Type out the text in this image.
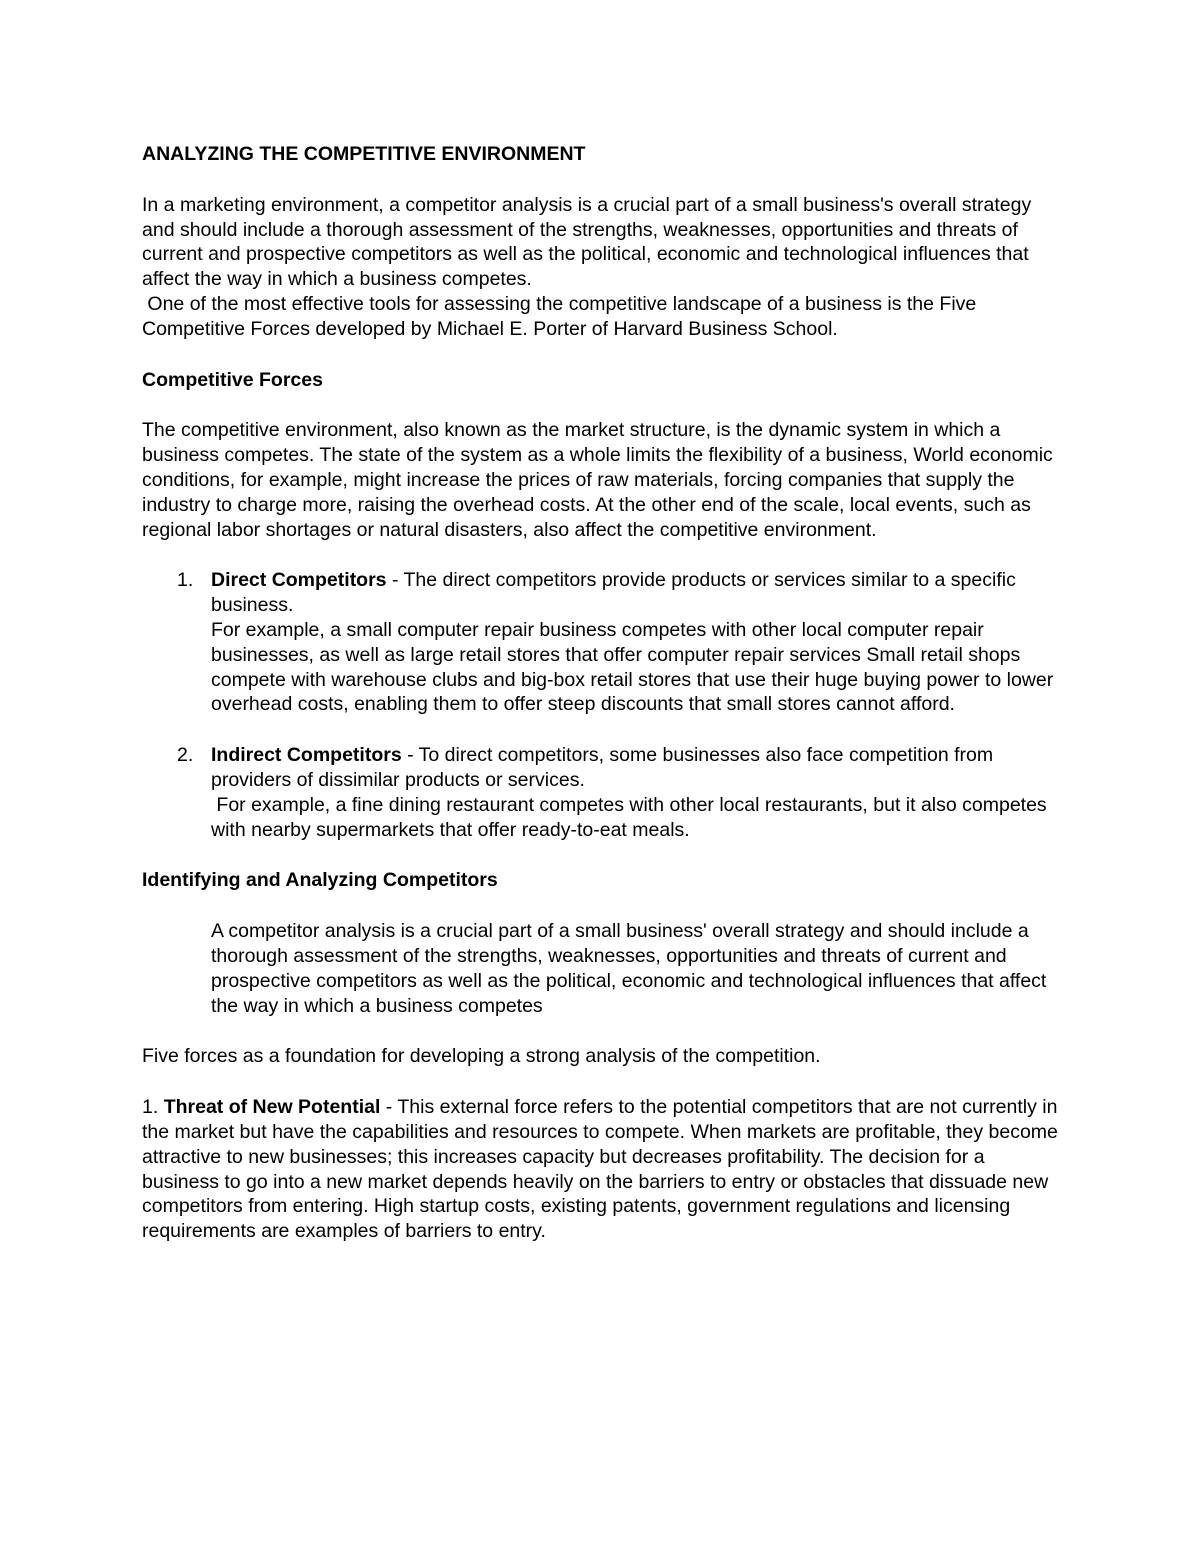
ANALYZING THE COMPETITIVE ENVIRONMENT

In a marketing environment, a competitor analysis is a crucial part of a small business's overall strategy and should include a thorough assessment of the strengths, weaknesses, opportunities and threats of current and prospective competitors as well as the political, economic and technological influences that affect the way in which a business competes.

One of the most effective tools for assessing the competitive landscape of a business is the Five Competitive Forces developed by Michael E. Porter of Harvard Business School.

Competitive Forces

The competitive environment, also known as the market structure, is the dynamic system in which a business competes. The state of the system as a whole limits the flexibility of a business, World economic conditions, for example, might increase the prices of raw materials, forcing companies that supply the industry to charge more, raising the overhead costs. At the other end of the scale, local events, such as regional labor shortages or natural disasters, also affect the competitive environment.

1. Direct Competitors - The direct competitors provide products or services similar to a specific business.
For example, a small computer repair business competes with other local computer repair businesses, as well as large retail stores that offer computer repair services Small retail shops compete with warehouse clubs and big-box retail stores that use their huge buying power to lower overhead costs, enabling them to offer steep discounts that small stores cannot afford.
2. Indirect Competitors - To direct competitors, some businesses also face competition from providers of dissimilar products or services.
For example, a fine dining restaurant competes with other local restaurants, but it also competes with nearby supermarkets that offer ready-to-eat meals.

Identifying and Analyzing Competitors

A competitor analysis is a crucial part of a small business' overall strategy and should include a thorough assessment of the strengths, weaknesses, opportunities and threats of current and prospective competitors as well as the political, economic and technological influences that affect the way in which a business competes

Five forces as a foundation for developing a strong analysis of the competition.

1. Threat of New Potential - This external force refers to the potential competitors that are not currently in the market but have the capabilities and resources to compete. When markets are profitable, they become attractive to new businesses; this increases capacity but decreases profitability. The decision for a business to go into a new market depends heavily on the barriers to entry or obstacles that dissuade new competitors from entering. High startup costs, existing patents, government regulations and licensing requirements are examples of barriers to entry.
